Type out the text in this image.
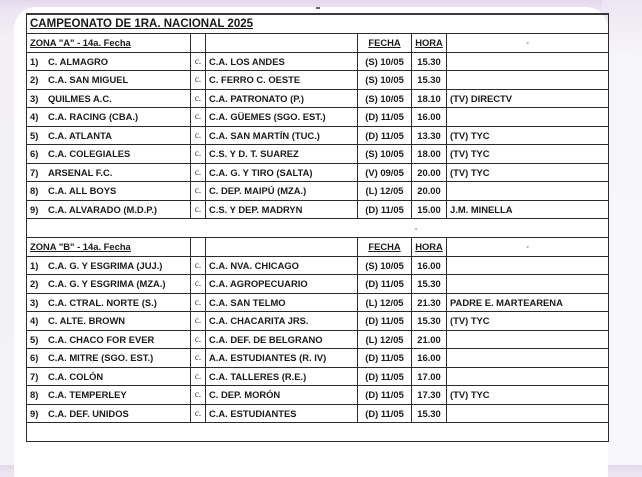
CAMPEONATO DE 1RA. NACIONAL 2025					
ZONA "A" - 14a. Fecha			FECHA	HORA	-
1) C. ALMAGRO	c.	C.A. LOS ANDES	(S) 10/05	15.30	
2) C.A. SAN MIGUEL	c.	C. FERRO C. OESTE	(S) 10/05	15.30	
3) QUILMES A.C.	c.	C.A. PATRONATO (P.)	(S) 10/05	18.10	(TV) DIRECTV
4) C.A. RACING (CBA.)	c.	C.A. GÜEMES (SGO. EST.)	(D) 11/05	16.00	
5) C.A. ATLANTA	c.	C.A. SAN MARTÍN (TUC.)	(D) 11/05	13.30	(TV) TYC
6) C.A. COLEGIALES	c.	C.S. Y D. T. SUAREZ	(S) 10/05	18.00	(TV) TYC
7) ARSENAL F.C.	c.	C.A. G. Y TIRO (SALTA)	(V) 09/05	20.00	(TV) TYC
8) C.A. ALL BOYS	c.	C. DEP. MAIPÚ (MZA.)	(L) 12/05	20.00	
9) C.A. ALVARADO (M.D.P.)	c.	C.S. Y DEP. MADRYN	(D) 11/05	15.00	J.M. MINELLA
-					
ZONA "B" - 14a. Fecha			FECHA	HORA	-
1) C.A. G. Y ESGRIMA (JUJ.)	c.	C.A. NVA. CHICAGO	(S) 10/05	16.00	
2) C.A. G. Y ESGRIMA (MZA.)	c.	C.A. AGROPECUARIO	(D) 11/05	15.30	
3) C.A. CTRAL. NORTE (S.)	c.	C.A. SAN TELMO	(L) 12/05	21.30	PADRE E. MARTEARENA
4) C. ALTE. BROWN	c.	C.A. CHACARITA JRS.	(D) 11/05	15.30	(TV) TYC
5) C.A. CHACO FOR EVER	c.	C.A. DEF. DE BELGRANO	(L) 12/05	21.00	
6) C.A. MITRE (SGO. EST.)	c.	A.A. ESTUDIANTES (R. IV)	(D) 11/05	16.00	
7) C.A. COLÓN	c.	C.A. TALLERES (R.E.)	(D) 11/05	17.00	
8) C.A. TEMPERLEY	c.	C. DEP. MORÓN	(D) 11/05	17.30	(TV) TYC
9) C.A. DEF. UNIDOS	c.	C.A. ESTUDIANTES	(D) 11/05	15.30	
